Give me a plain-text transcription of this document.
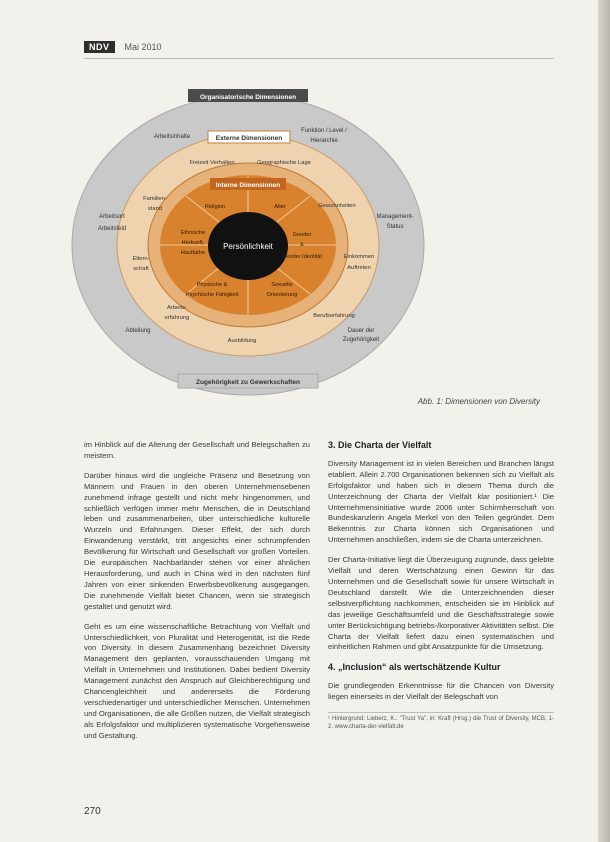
NDV	Mai 2010
Persönlichkeit
Organisatorische Dimensionen
Externe Dimensionen
Interne Dimensionen
Zugehörigkeit zu Gewerkschaften
Arbeitsinhalte
Funktion / Level /
Hierarchie
Management-
Status
Arbeitsort
Abteilung	Dauer der
Zugehörigkeit
Arbeitsfeld
Freizeit Verhalten	Geographische Lage
Familien-
stand	Gewohnheiten
Eltern-
schaft
Einkommen
Auftreten
Arbeits-
erfahrung	Berufserfahrung
Ausbildung
Religion	Alter
Gender
&
Gender Identität
Sexuelle
Orientierung
Physische &
Psychische Fähigkeit
Ethnische
Herkunft,
Hautfarbe
Abb. 1: Dimensionen von Diversity

im Hinblick auf die Alterung der Gesellschaft und Belegschaften zu meistern.

Darüber hinaus wird die ungleiche Präsenz und Besetzung von Männern und Frauen in den oberen Unternehmensebenen zunehmend infrage gestellt und nicht mehr hingenommen, und schließlich verfügen immer mehr Menschen, die in Deutschland leben und zusammenarbeiten, über unterschiedliche kulturelle Wurzeln und Erfahrungen. Dieser Effekt, der sich durch Einwanderung verstärkt, tritt angesichts einer schrumpfenden Bevölkerung für Wirtschaft und Gesellschaft vor großen Vorteilen. Die europäischen Nachbarländer stehen vor einer ähnlichen Herausforderung, und auch in China wird in den nächsten fünf Jahren von einer sinkenden Erwerbsbevölkerung ausgegangen. Die zunehmende Vielfalt bietet Chancen, wenn sie strategisch gestaltet und genutzt wird.

Geht es um eine wissenschaftliche Betrachtung von Vielfalt und Unterschiedlichkeit, von Pluralität und Heterogenität, ist die Rede von Diversity. In diesem Zusammenhang bezeichnet Diversity Management den geplanten, vorausschauenden Umgang mit Vielfalt in Unternehmen und Institutionen. Dabei bedient Diversity Management zunächst den Anspruch auf Gleichberechtigung und Chancengleichheit und andererseits die Förderung verschiedenartiger und unterschiedlicher Menschen. Unternehmen und Organisationen, die alle Größen nutzen, die Vielfalt strategisch als Erfolgsfaktor und multiplizieren systematische Vorgehensweise und Gestaltung.

3. Die Charta der Vielfalt

Diversity Management ist in vielen Bereichen und Branchen längst etabliert. Allein 2.700 Organisationen bekennen sich zu Vielfalt als Erfolgsfaktor und haben sich in diesem Thema durch die Unterzeichnung der Charta der Vielfalt klar positioniert.¹ Die Unternehmensinitiative wurde 2006 unter Schirmherrschaft von Bundeskanzlerin Angela Merkel von den Teilen gegründet. Dem Bekenntnis zur Charta können sich Organisationen und Unternehmen anschließen, indem sie die Charta unterzeichnen.

Der Charta-Initiative liegt die Überzeugung zugrunde, dass gelebte Vielfalt und deren Wertschätzung einen Gewinn für das Unternehmen und die Gesellschaft sowie für unsere Wirtschaft in Deutschland darstellt. Wie die Unterzeichnenden dieser selbstverpflichtung nachkommen, entscheiden sie im Hinblick auf das jeweilige Geschäftsumfeld und die Geschäftsstrategie sowie unter Berücksichtigung betriebs-/korporativer Aktivitäten selbst. Die Charta der Vielfalt liefert dazu einen systematischen und einheitlichen Rahmen und gibt Ansatzpunkte für die Umsetzung.

4. „Inclusion“ als wertschätzende Kultur

Die grundlegenden Erkenntnisse für die Chancen von Diversity liegen einerseits in der Vielfalt der Belegschaft von

¹ Hintergrund: Lieberz, K.: "Trust Ya", in: Kraft (Hrsg.) die Trust of Diversity, MCB, 1-2. www.charta-der-vielfalt.de
270
